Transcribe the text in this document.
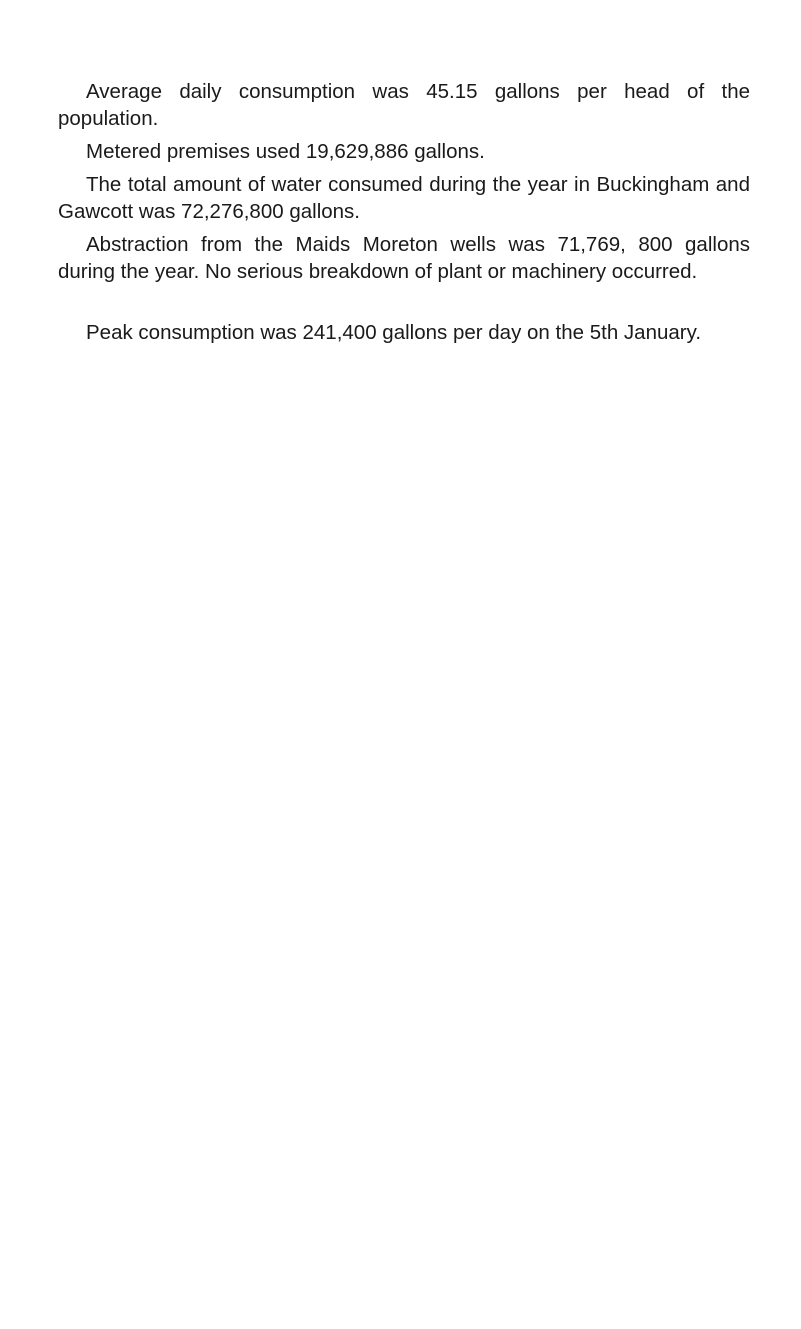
Average daily consumption was 45.15 gallons per head of the population.

Metered premises used 19,629,886 gallons.

The total amount of water consumed during the year in Buckingham and Gawcott was 72,276,800 gallons.

Abstraction from the Maids Moreton wells was 71,769, 800 gallons during the year. No serious breakdown of plant or machinery occurred.

Peak consumption was 241,400 gallons per day on the 5th January.
